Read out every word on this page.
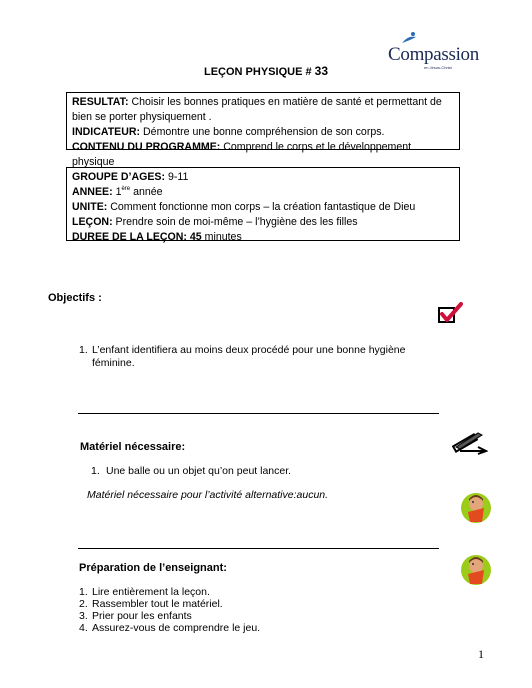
Compassion
en Jésus-Christ
LEÇON PHYSIQUE # 33
RESULTAT: Choisir les bonnes pratiques en matière de santé et permettant de bien se porter physiquement .
INDICATEUR: Démontre une bonne compréhension de son corps.
CONTENU DU PROGRAMME: Comprend le corps et le développement physique
GROUPE D’AGES: 9-11
ANNEE: 1ère année
UNITE: Comment fonctionne mon corps – la création fantastique de Dieu
LEÇON: Prendre soin de moi-même – l’hygiène des les filles
DUREE DE LA LEÇON: 45 minutes
Objectifs :
1. L’enfant identifiera au moins deux procédé pour une bonne hygiène
féminine.
Matériel nécessaire:
1. Une balle ou un objet qu’on peut lancer.
Matériel nécessaire pour l’activité alternative:aucun.
Préparation de l’enseignant:
1. Lire entièrement la leçon.
2. Rassembler tout le matériel.
3. Prier pour les enfants
4. Assurez-vous de comprendre le jeu.
1
